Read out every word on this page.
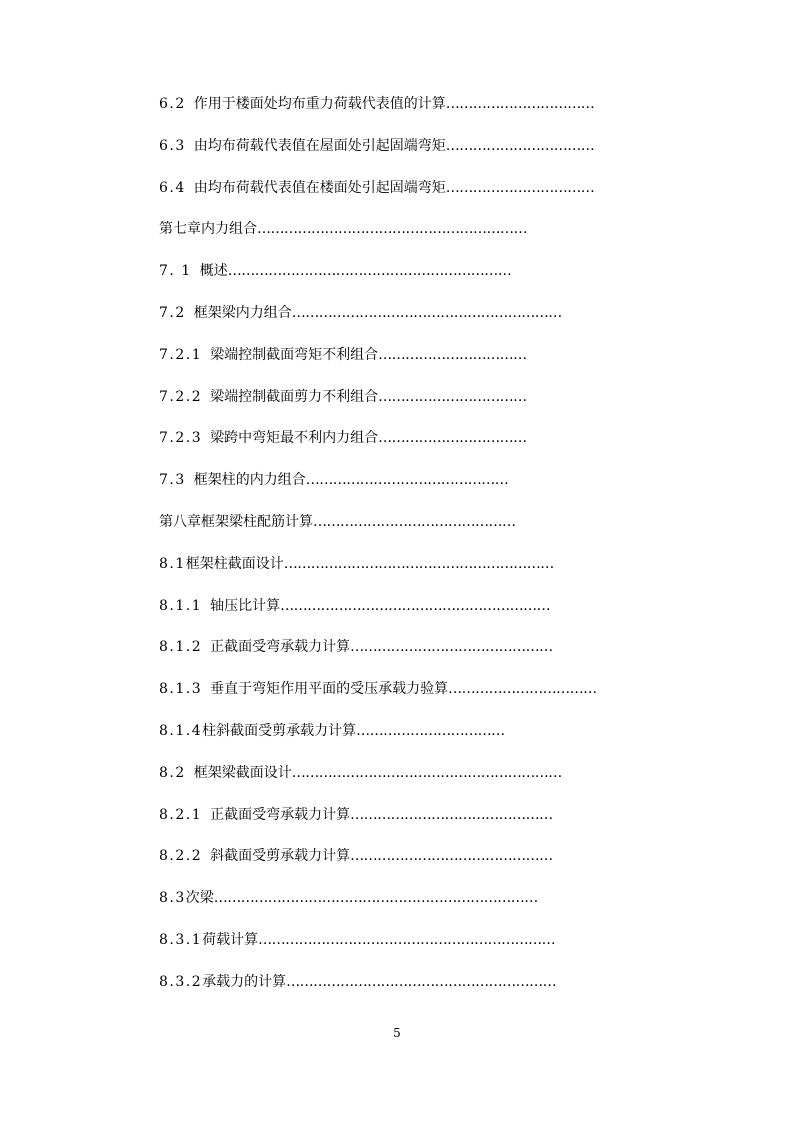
6.2 作用于楼面处均布重力荷载代表值的计算……………………………
6.3 由均布荷载代表值在屋面处引起固端弯矩……………………………
6.4 由均布荷载代表值在楼面处引起固端弯矩……………………………
第七章内力组合……………………………………………………
7. 1 概述………………………………………………………
7.2 框架梁内力组合……………………………………………………
7.2.1 梁端控制截面弯矩不利组合……………………………
7.2.2 梁端控制截面剪力不利组合……………………………
7.2.3 梁跨中弯矩最不利内力组合……………………………
7.3 框架柱的内力组合………………………………………
第八章框架梁柱配筋计算………………………………………
8.1框架柱截面设计……………………………………………………
8.1.1 轴压比计算……………………………………………………
8.1.2 正截面受弯承载力计算………………………………………
8.1.3 垂直于弯矩作用平面的受压承载力验算……………………………
8.1.4柱斜截面受剪承载力计算……………………………
8.2 框架梁截面设计……………………………………………………
8.2.1 正截面受弯承载力计算………………………………………
8.2.2 斜截面受剪承载力计算………………………………………
8.3次梁………………………………………………………………
8.3.1荷载计算…………………………………………………………
8.3.2承载力的计算……………………………………………………
5
